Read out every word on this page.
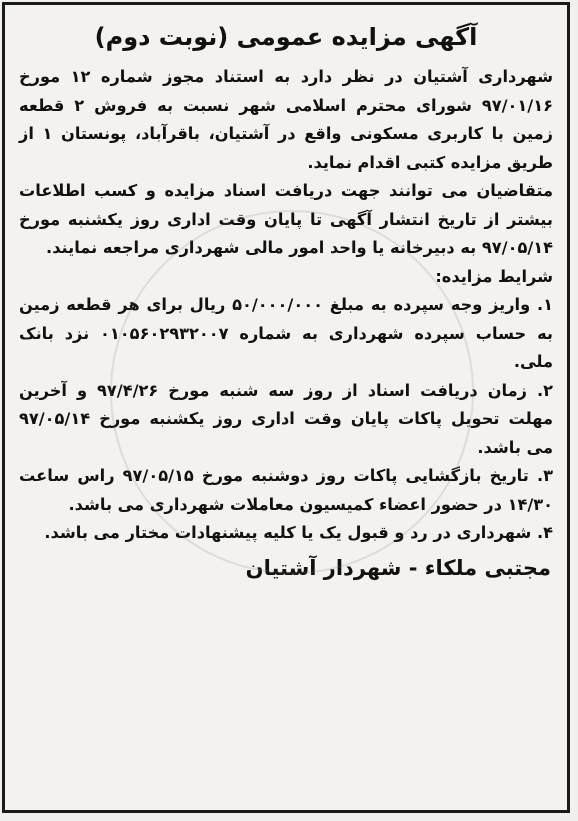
آگهی مزایده عمومی (نوبت دوم)

شهرداری آشتیان در نظر دارد به استناد مجوز شماره ۱۲ مورخ ۹۷/۰۱/۱۶ شورای محترم اسلامی شهر نسبت به فروش ۲ قطعه زمین با کاربری مسکونی واقع در آشتیان، باقرآباد، پونستان ۱ از طریق مزایده کتبی اقدام نماید.

متقاضیان می توانند جهت دریافت اسناد مزایده و کسب اطلاعات بیشتر از تاریخ انتشار آگهی تا پایان وقت اداری روز یکشنبه مورخ ۹۷/۰۵/۱۴ به دبیرخانه یا واحد امور مالی شهرداری مراجعه نمایند.

شرایط مزایده:

۱. واریز وجه سپرده به مبلغ ۵۰/۰۰۰/۰۰۰ ریال برای هر قطعه زمین به حساب سپرده شهرداری به شماره ۰۱۰۵۶۰۲۹۳۲۰۰۷ نزد بانک ملی.

۲. زمان دریافت اسناد از روز سه شنبه مورخ ۹۷/۴/۲۶ و آخرین مهلت تحویل پاکات پایان وقت اداری روز یکشنبه مورخ ۹۷/۰۵/۱۴ می باشد.

۳. تاریخ بازگشایی پاکات روز دوشنبه مورخ ۹۷/۰۵/۱۵ راس ساعت ۱۴/۳۰ در حضور اعضاء کمیسیون معاملات شهرداری می باشد.

۴. شهرداری در رد و قبول یک یا کلیه پیشنهادات مختار می باشد.

مجتبی ملکاء - شهردار آشتیان
